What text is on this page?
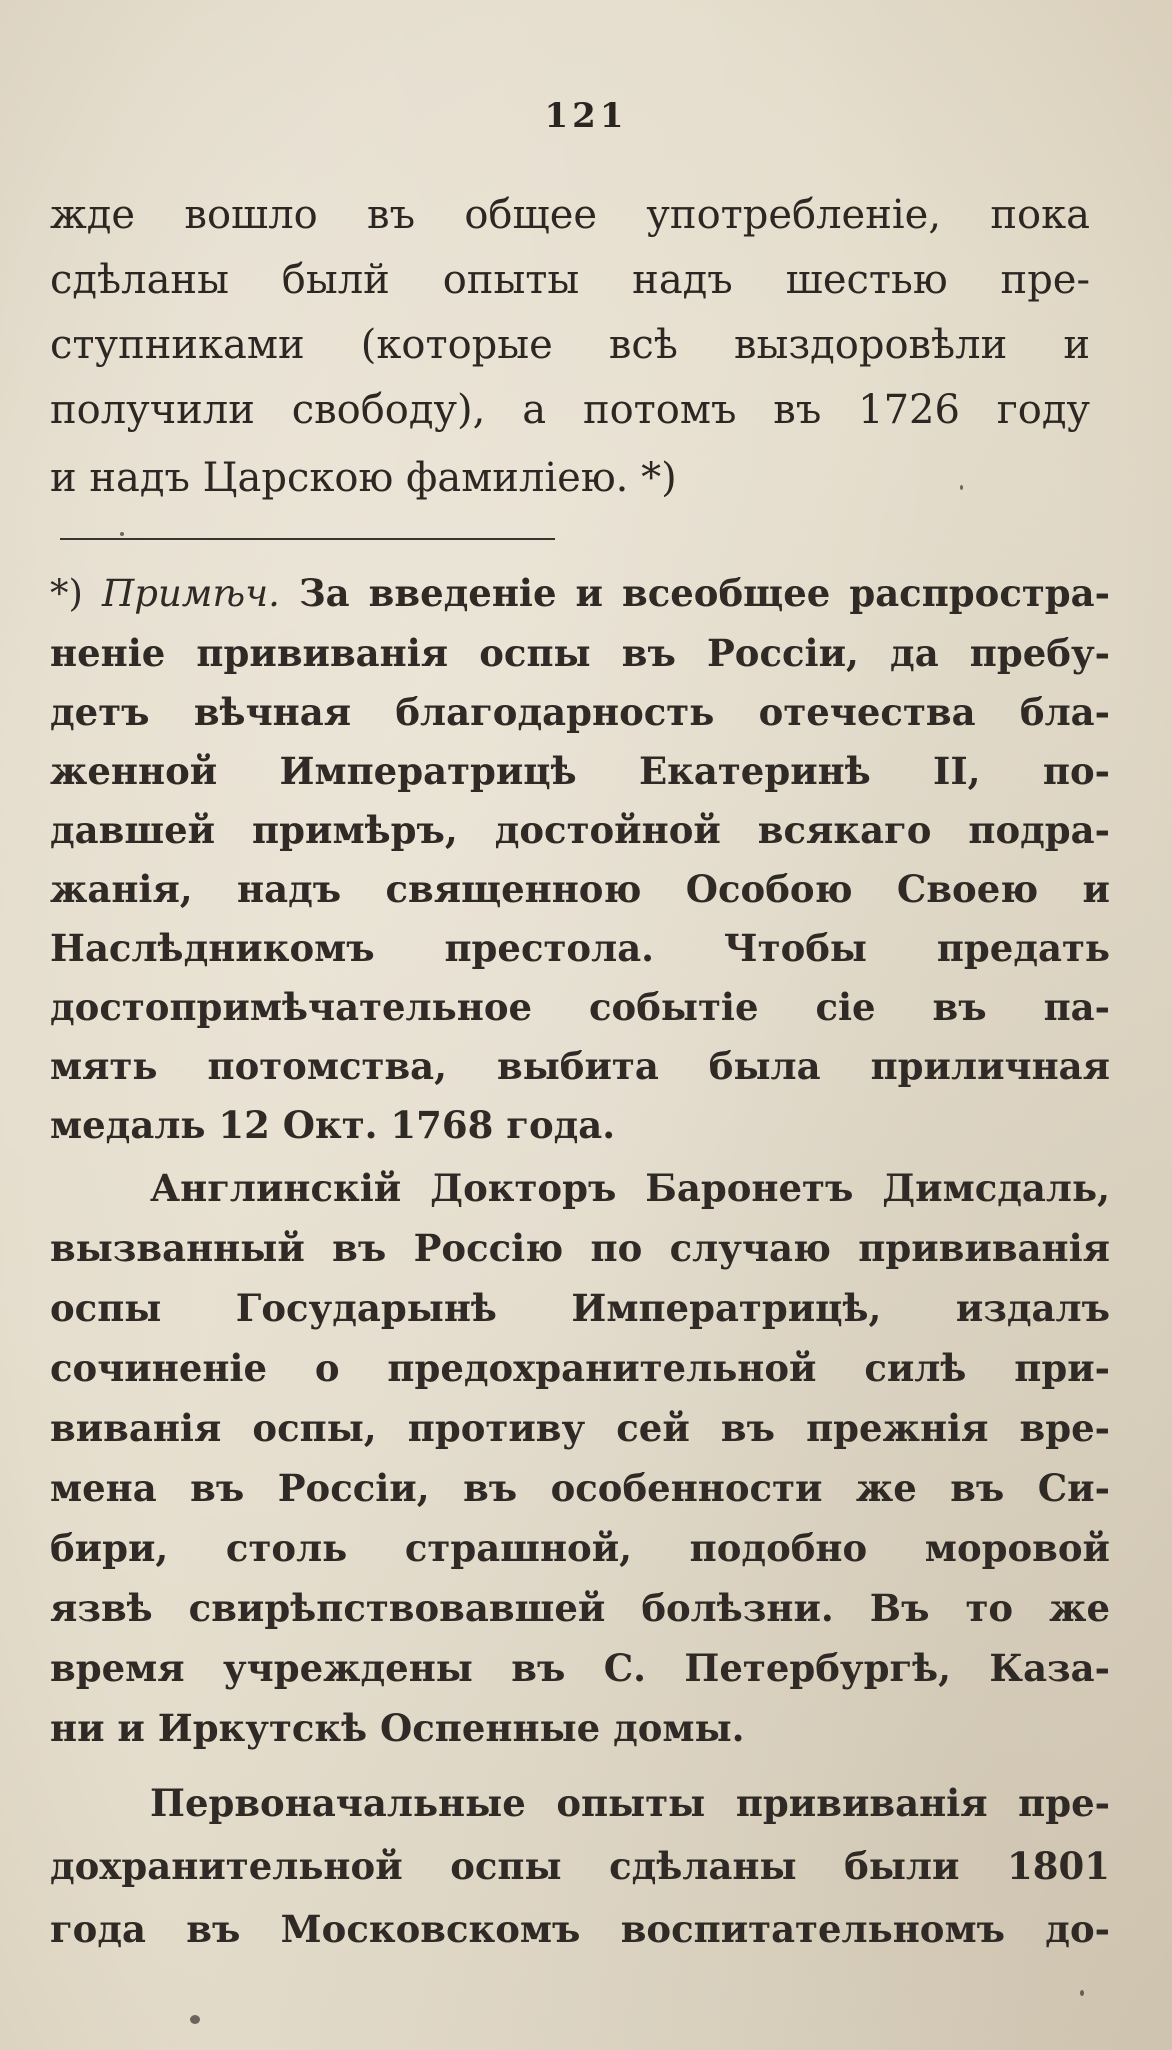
121
жде вошло въ общее употребленіе, пока
сдѣланы былй опыты надъ шестью пре-
ступниками (которые всѣ выздоровѣли и
получили свободу), а потомъ въ 1726 году
и надъ Царскою фамиліею. *)
*) Примѣч. За введеніе и всеобщее распростра-
неніе прививанія оспы въ Россіи, да пребу-
детъ вѣчная благодарность отечества бла-
женной Императрицѣ Екатеринѣ II, по-
давшей примѣръ, достойной всякаго подра-
жанія, надъ священною Особою Своею и
Наслѣдникомъ престола. Чтобы предать
достопримѣчательное событіе сіе въ па-
мять потомства, выбита была приличная
медаль 12 Окт. 1768 года.
Англинскій Докторъ Баронетъ Димсдаль,
вызванный въ Россію по случаю прививанія
оспы Государынѣ Императрицѣ, издалъ
сочиненіе о предохранительной силѣ при-
виванія оспы, противу сей въ прежнія вре-
мена въ Россіи, въ особенности же въ Си-
бири, столь страшной, подобно моровой
язвѣ свирѣпствовавшей болѣзни. Въ то же
время учреждены въ С. Петербургѣ, Каза-
ни и Иркутскѣ Оспенные домы.
Первоначальные опыты прививанія пре-
дохранительной оспы сдѣланы были 1801
года въ Московскомъ воспитательномъ до-
